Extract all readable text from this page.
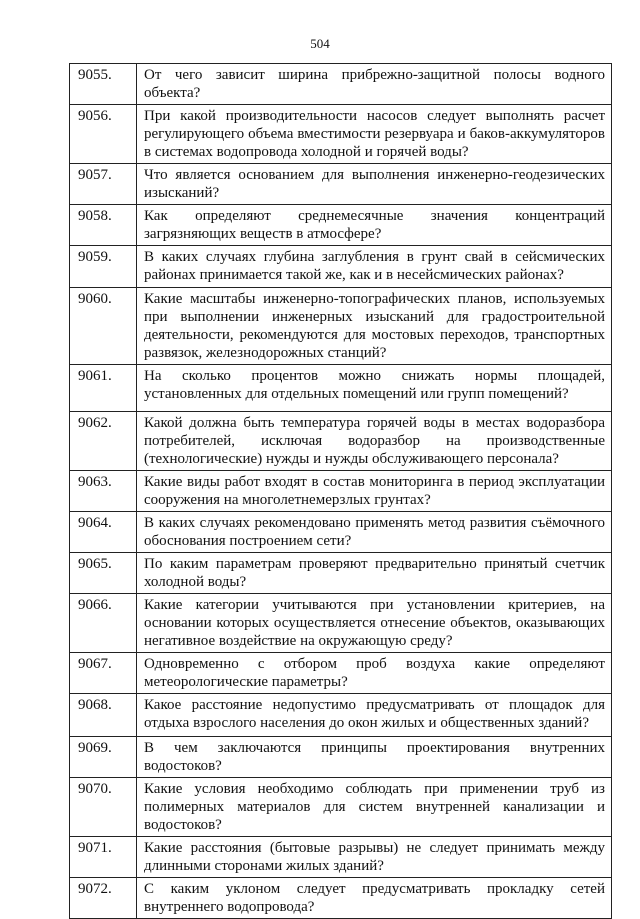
504
9055.	От чего зависит ширина прибрежно-защитной полосы водного объекта?
9056.	При какой производительности насосов следует выполнять расчет регулирующего объема вместимости резервуара и баков-аккумуляторов в системах водопровода холодной и горячей воды?
9057.	Что является основанием для выполнения инженерно-геодезических изысканий?
9058.	Как определяют среднемесячные значения концентраций загрязняющих веществ в атмосфере?
9059.	В каких случаях глубина заглубления в грунт свай в сейсмических районах принимается такой же, как и в несейсмических районах?
9060.	Какие масштабы инженерно-топографических планов, используемых при выполнении инженерных изысканий для градостроительной деятельности, рекомендуются для мостовых переходов, транспортных развязок, железнодорожных станций?
9061.	На сколько процентов можно снижать нормы площадей, установленных для отдельных помещений или групп помещений?
9062.	Какой должна быть температура горячей воды в местах водоразбора потребителей, исключая водоразбор на производственные (технологические) нужды и нужды обслуживающего персонала?
9063.	Какие виды работ входят в состав мониторинга в период эксплуатации сооружения на многолетнемерзлых грунтах?
9064.	В каких случаях рекомендовано применять метод развития съёмочного обоснования построением сети?
9065.	По каким параметрам проверяют предварительно принятый счетчик холодной воды?
9066.	Какие категории учитываются при установлении критериев, на основании которых осуществляется отнесение объектов, оказывающих негативное воздействие на окружающую среду?
9067.	Одновременно с отбором проб воздуха какие определяют метеорологические параметры?
9068.	Какое расстояние недопустимо предусматривать от площадок для отдыха взрослого населения до окон жилых и общественных зданий?
9069.	В чем заключаются принципы проектирования внутренних водостоков?
9070.	Какие условия необходимо соблюдать при применении труб из полимерных материалов для систем внутренней канализации и водостоков?
9071.	Какие расстояния (бытовые разрывы) не следует принимать между длинными сторонами жилых зданий?
9072.	С каким уклоном следует предусматривать прокладку сетей внутреннего водопровода?
